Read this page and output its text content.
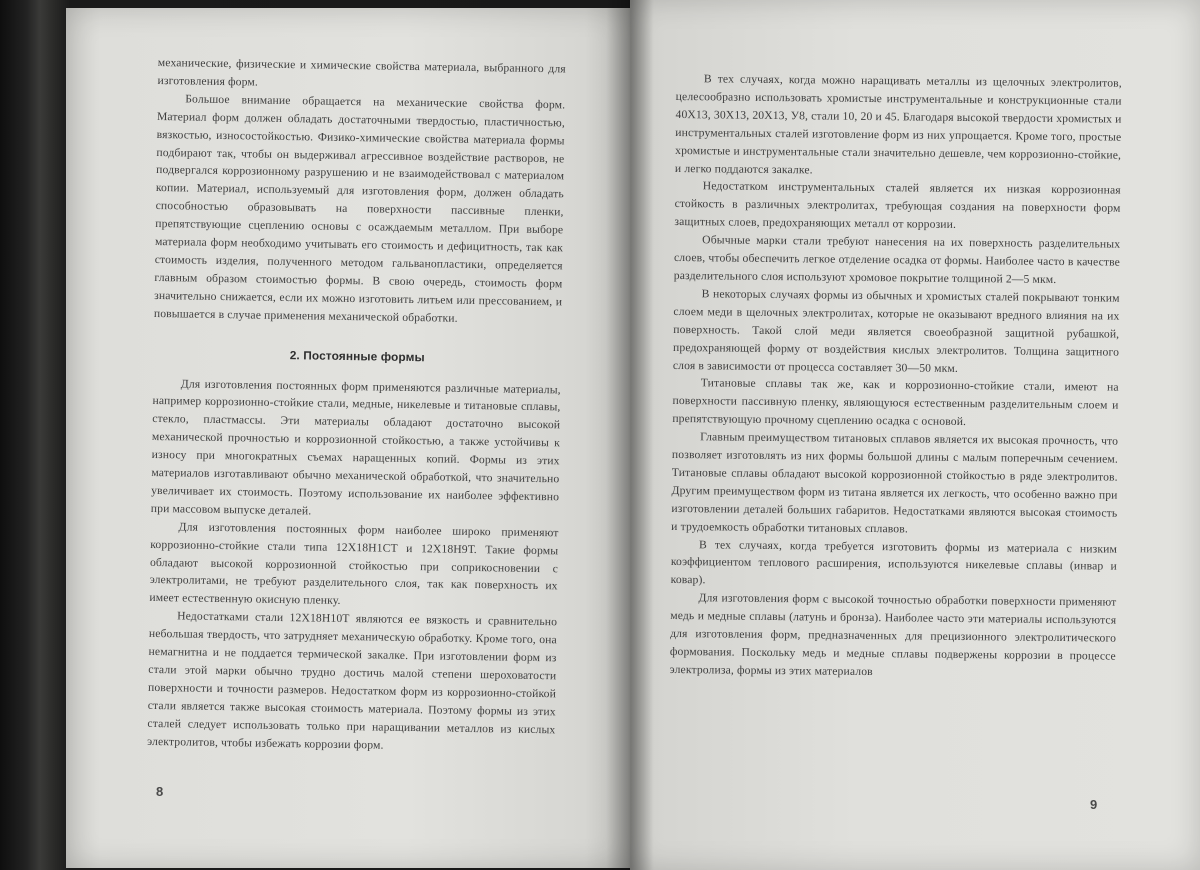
механические, физические и химические свойства материала, выбранного для изготовления форм.

Большое внимание обращается на механические свойства форм. Материал форм должен обладать достаточными твердостью, пластичностью, вязкостью, износостойкостью. Физико-химические свойства материала формы подбирают так, чтобы он выдерживал агрессивное воздействие растворов, не подвергался коррозионному разрушению и не взаимодействовал с материалом копии. Материал, используемый для изготовления форм, должен обладать способностью образовывать на поверхности пассивные пленки, препятствующие сцеплению основы с осаждаемым металлом. При выборе материала форм необходимо учитывать его стоимость и дефицитность, так как стоимость изделия, полученного методом гальванопластики, определяется главным образом стоимостью формы. В свою очередь, стоимость форм значительно снижается, если их можно изготовить литьем или прессованием, и повышается в случае применения механической обработки.

2. Постоянные формы

Для изготовления постоянных форм применяются различные материалы, например коррозионно-стойкие стали, медные, никелевые и титановые сплавы, стекло, пластмассы. Эти материалы обладают достаточно высокой механической прочностью и коррозионной стойкостью, а также устойчивы к износу при многократных съемах наращенных копий. Формы из этих материалов изготавливают обычно механической обработкой, что значительно увеличивает их стоимость. Поэтому использование их наиболее эффективно при массовом выпуске деталей.

Для изготовления постоянных форм наиболее широко применяют коррозионно-стойкие стали типа 12Х18Н1СТ и 12Х18Н9Т. Такие формы обладают высокой коррозионной стойкостью при соприкосновении с электролитами, не требуют разделительного слоя, так как поверхность их имеет естественную окисную пленку.

Недостатками стали 12Х18Н10Т являются ее вязкость и сравнительно небольшая твердость, что затрудняет механическую обработку. Кроме того, она немагнитна и не поддается термической закалке. При изготовлении форм из стали этой марки обычно трудно достичь малой степени шероховатости поверхности и точности размеров. Недостатком форм из коррозионно-стойкой стали является также высокая стоимость материала. Поэтому формы из этих сталей следует использовать только при наращивании металлов из кислых электролитов, чтобы избежать коррозии форм.

8

В тех случаях, когда можно наращивать металлы из щелочных электролитов, целесообразно использовать хромистые инструментальные и конструкционные стали 40Х13, 30Х13, 20Х13, У8, стали 10, 20 и 45. Благодаря высокой твердости хромистых и инструментальных сталей изготовление форм из них упрощается. Кроме того, простые хромистые и инструментальные стали значительно дешевле, чем коррозионно-стойкие, и легко поддаются закалке.

Недостатком инструментальных сталей является их низкая коррозионная стойкость в различных электролитах, требующая создания на поверхности форм защитных слоев, предохраняющих металл от коррозии.

Обычные марки стали требуют нанесения на их поверхность разделительных слоев, чтобы обеспечить легкое отделение осадка от формы. Наиболее часто в качестве разделительного слоя используют хромовое покрытие толщиной 2—5 мкм.

В некоторых случаях формы из обычных и хромистых сталей покрывают тонким слоем меди в щелочных электролитах, которые не оказывают вредного влияния на их поверхность. Такой слой меди является своеобразной защитной рубашкой, предохраняющей форму от воздействия кислых электролитов. Толщина защитного слоя в зависимости от процесса составляет 30—50 мкм.

Титановые сплавы так же, как и коррозионно-стойкие стали, имеют на поверхности пассивную пленку, являющуюся естественным разделительным слоем и препятствующую прочному сцеплению осадка с основой.

Главным преимуществом титановых сплавов является их высокая прочность, что позволяет изготовлять из них формы большой длины с малым поперечным сечением. Титановые сплавы обладают высокой коррозионной стойкостью в ряде электролитов. Другим преимуществом форм из титана является их легкость, что особенно важно при изготовлении деталей больших габаритов. Недостатками являются высокая стоимость и трудоемкость обработки титановых сплавов.

В тех случаях, когда требуется изготовить формы из материала с низким коэффициентом теплового расширения, используются никелевые сплавы (инвар и ковар).

Для изготовления форм с высокой точностью обработки поверхности применяют медь и медные сплавы (латунь и бронза). Наиболее часто эти материалы используются для изготовления форм, предназначенных для прецизионного электролитического формования. Поскольку медь и медные сплавы подвержены коррозии в процессе электролиза, формы из этих материалов

9
